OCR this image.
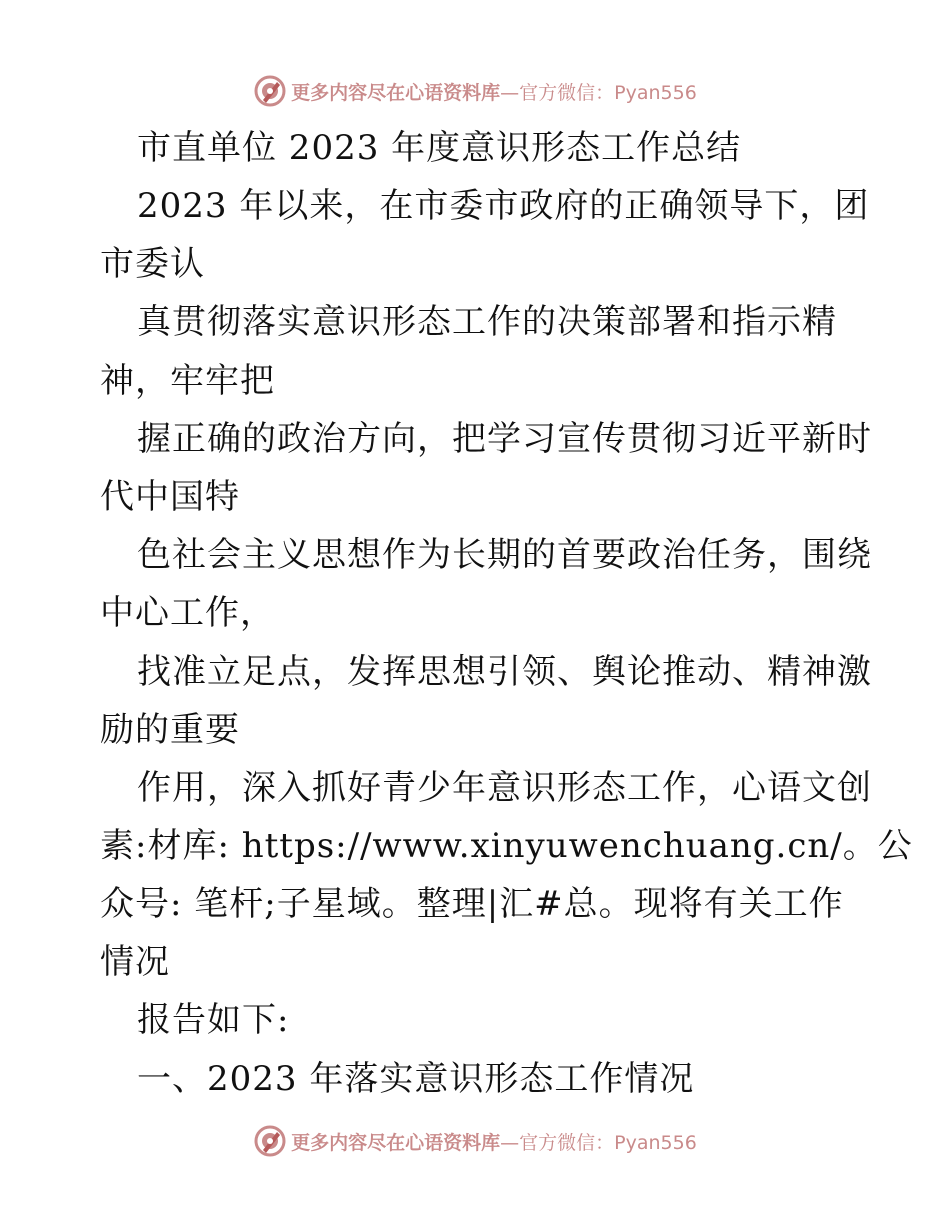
更多内容尽在心语资料库 —官方微信：Pyan556
市直单位 2023 年度意识形态工作总结
2023 年以来，在市委市政府的正确领导下，团
市委认
真贯彻落实意识形态工作的决策部署和指示精
神，牢牢把
握正确的政治方向，把学习宣传贯彻习近平新时
代中国特
色社会主义思想作为长期的首要政治任务，围绕
中心工作，
找准立足点，发挥思想引领、舆论推动、精神激
励的重要
作用，深入抓好青少年意识形态工作，心语文创
素:材库: https://www.xinyuwenchuang.cn/。公
众号: 笔杆;子星域。整理|汇#总。现将有关工作
情况
报告如下:
一、2023 年落实意识形态工作情况
更多内容尽在心语资料库 —官方微信：Pyan556
